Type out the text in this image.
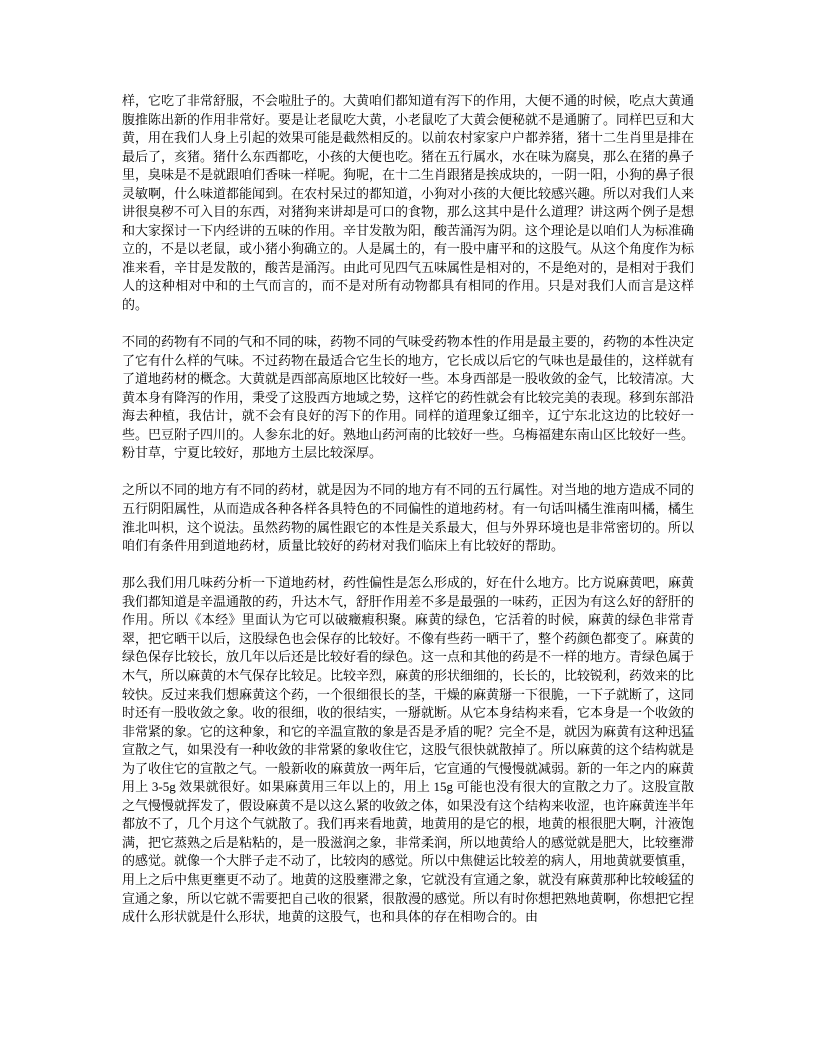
样，它吃了非常舒服，不会啦肚子的。大黄咱们都知道有泻下的作用，大便不通的时候，吃点大黄通腹推陈出新的作用非常好。要是让老鼠吃大黄，小老鼠吃了大黄会便秘就不是通腑了。同样巴豆和大黄，用在我们人身上引起的效果可能是截然相反的。以前农村家家户户都养猪，猪十二生肖里是排在最后了，亥猪。猪什么东西都吃，小孩的大便也吃。猪在五行属水，水在味为腐臭，那么在猪的鼻子里，臭味是不是就跟咱们香味一样呢。狗呢，在十二生肖跟猪是挨成块的，一阴一阳，小狗的鼻子很灵敏啊，什么味道都能闻到。在农村呆过的都知道，小狗对小孩的大便比较感兴趣。所以对我们人来讲很臭秽不可入目的东西，对猪狗来讲却是可口的食物，那么这其中是什么道理？讲这两个例子是想和大家探讨一下内经讲的五味的作用。辛甘发散为阳，酸苦涌泻为阴。这个理论是以咱们人为标准确立的，不是以老鼠，或小猪小狗确立的。人是属土的，有一股中庸平和的这股气。从这个角度作为标准来看，辛甘是发散的，酸苦是涌泻。由此可见四气五味属性是相对的，不是绝对的，是相对于我们人的这种相对中和的土气而言的，而不是对所有动物都具有相同的作用。只是对我们人而言是这样的。

不同的药物有不同的气和不同的味，药物不同的气味受药物本性的作用是最主要的，药物的本性决定了它有什么样的气味。不过药物在最适合它生长的地方，它长成以后它的气味也是最佳的，这样就有了道地药材的概念。大黄就是西部高原地区比较好一些。本身西部是一股收敛的金气，比较清凉。大黄本身有降泻的作用，秉受了这股西方地域之势，这样它的药性就会有比较完美的表现。移到东部沿海去种植，我估计，就不会有良好的泻下的作用。同样的道理象辽细辛，辽宁东北这边的比较好一些。巴豆附子四川的。人参东北的好。熟地山药河南的比较好一些。乌梅福建东南山区比较好一些。粉甘草，宁夏比较好，那地方土层比较深厚。

之所以不同的地方有不同的药材，就是因为不同的地方有不同的五行属性。对当地的地方造成不同的五行阴阳属性，从而造成各种各样各具特色的不同偏性的道地药材。有一句话叫橘生淮南叫橘，橘生淮北叫枳，这个说法。虽然药物的属性跟它的本性是关系最大，但与外界环境也是非常密切的。所以咱们有条件用到道地药材，质量比较好的药材对我们临床上有比较好的帮助。

那么我们用几味药分析一下道地药材，药性偏性是怎么形成的，好在什么地方。比方说麻黄吧，麻黄我们都知道是辛温通散的药，升达木气，舒肝作用差不多是最强的一味药，正因为有这么好的舒肝的作用。所以《本经》里面认为它可以破癥瘕积聚。麻黄的绿色，它活着的时候，麻黄的绿色非常青翠，把它晒干以后，这股绿色也会保存的比较好。不像有些药一晒干了，整个药颜色都变了。麻黄的绿色保存比较长，放几年以后还是比较好看的绿色。这一点和其他的药是不一样的地方。青绿色属于木气，所以麻黄的木气保存比较足。比较辛烈，麻黄的形状细细的，长长的，比较锐利，药效来的比较快。反过来我们想麻黄这个药，一个很细很长的茎，干燥的麻黄掰一下很脆，一下子就断了，这同时还有一股收敛之象。收的很细，收的很结实，一掰就断。从它本身结构来看，它本身是一个收敛的非常紧的象。它的这种象，和它的辛温宣散的象是否是矛盾的呢？完全不是，就因为麻黄有这种迅猛宣散之气，如果没有一种收敛的非常紧的象收住它，这股气很快就散掉了。所以麻黄的这个结构就是为了收住它的宣散之气。一般新收的麻黄放一两年后，它宣通的气慢慢就减弱。新的一年之内的麻黄用上 3-5g 效果就很好。如果麻黄用三年以上的，用上 15g 可能也没有很大的宣散之力了。这股宣散之气慢慢就挥发了，假设麻黄不是以这么紧的收敛之体，如果没有这个结构来收涩，也许麻黄连半年都放不了，几个月这个气就散了。我们再来看地黄，地黄用的是它的根，地黄的根很肥大啊，汁液饱满，把它蒸熟之后是粘粘的，是一股滋润之象，非常柔润，所以地黄给人的感觉就是肥大，比较壅滞的感觉。就像一个大胖子走不动了，比较肉的感觉。所以中焦健运比较差的病人，用地黄就要慎重，用上之后中焦更壅更不动了。地黄的这股壅滞之象，它就没有宣通之象，就没有麻黄那种比较峻猛的宣通之象，所以它就不需要把自己收的很紧，很散漫的感觉。所以有时你想把熟地黄啊，你想把它捏成什么形状就是什么形状，地黄的这股气，也和具体的存在相吻合的。由
